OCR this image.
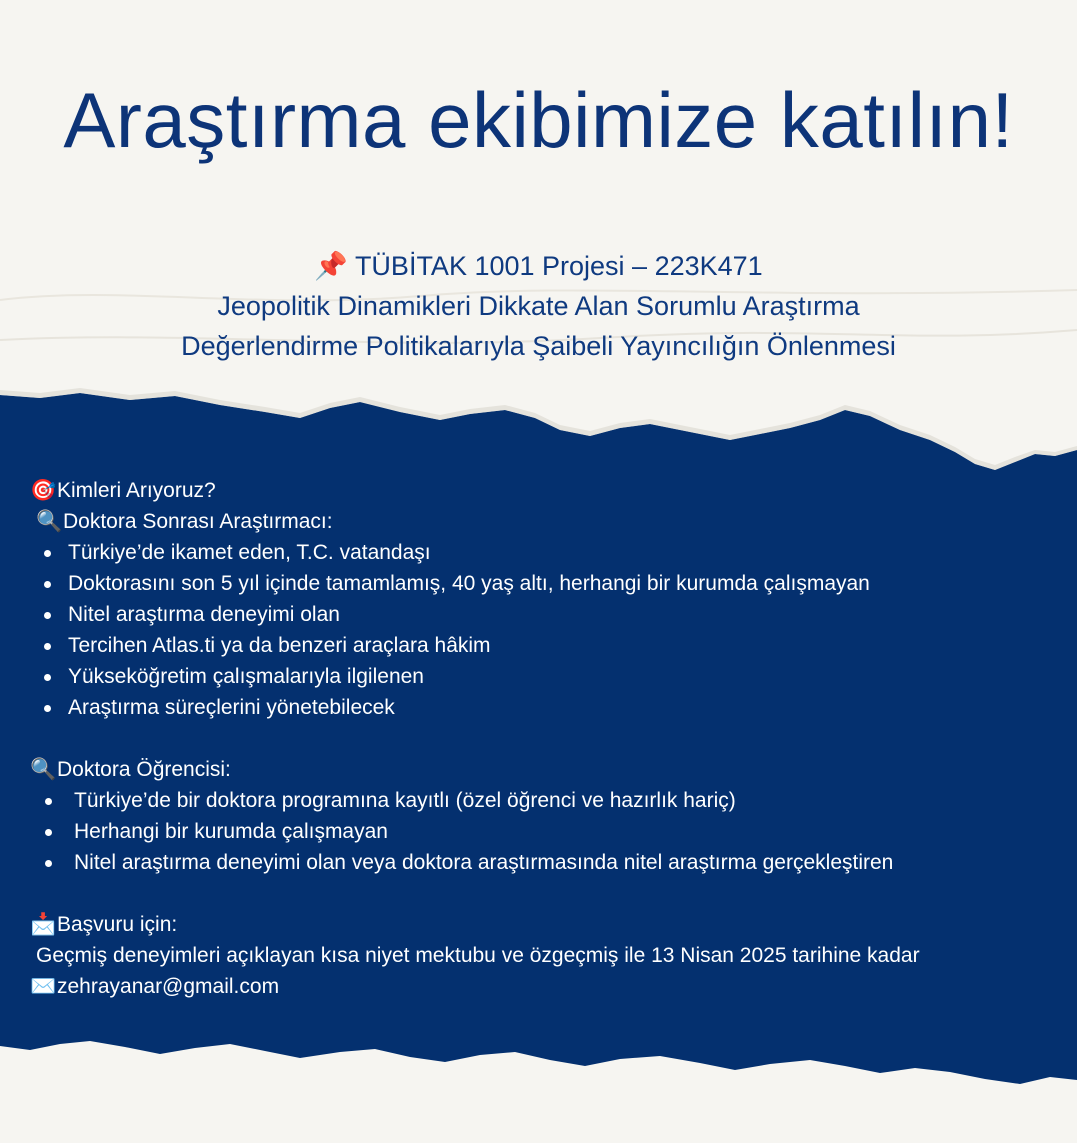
Araştırma ekibimize katılın!
📌 TÜBİTAK 1001 Projesi – 223K471
Jeopolitik Dinamikleri Dikkate Alan Sorumlu Araştırma
Değerlendirme Politikalarıyla Şaibeli Yayıncılığın Önlenmesi
🎯Kimleri Arıyoruz?
🔍Doktora Sonrası Araştırmacı:
Türkiye’de ikamet eden, T.C. vatandaşı
Doktorasını son 5 yıl içinde tamamlamış, 40 yaş altı, herhangi bir kurumda çalışmayan
Nitel araştırma deneyimi olan
Tercihen Atlas.ti ya da benzeri araçlara hâkim
Yükseköğretim çalışmalarıyla ilgilenen
Araştırma süreçlerini yönetebilecek
🔍Doktora Öğrencisi:
Türkiye’de bir doktora programına kayıtlı (özel öğrenci ve hazırlık hariç)
Herhangi bir kurumda çalışmayan
Nitel araştırma deneyimi olan veya doktora araştırmasında nitel araştırma gerçekleştiren
📩Başvuru için:
Geçmiş deneyimleri açıklayan kısa niyet mektubu ve özgeçmiş ile 13 Nisan 2025 tarihine kadar
✉️zehrayanar@gmail.com
